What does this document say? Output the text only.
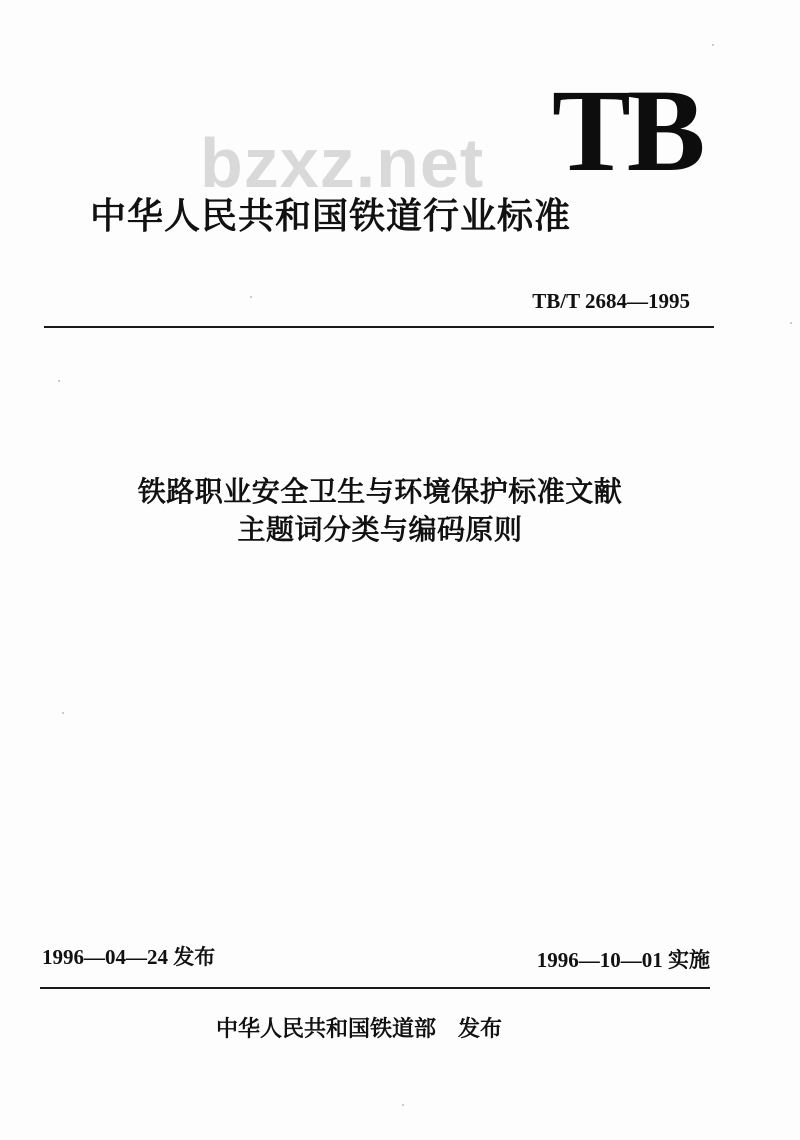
bzxz.net TB
中华人民共和国铁道行业标准
TB/T 2684—1995
铁路职业安全卫生与环境保护标准文献
主题词分类与编码原则
1996—04—24 发布	1996—10—01 实施
中华人民共和国铁道部 发布
